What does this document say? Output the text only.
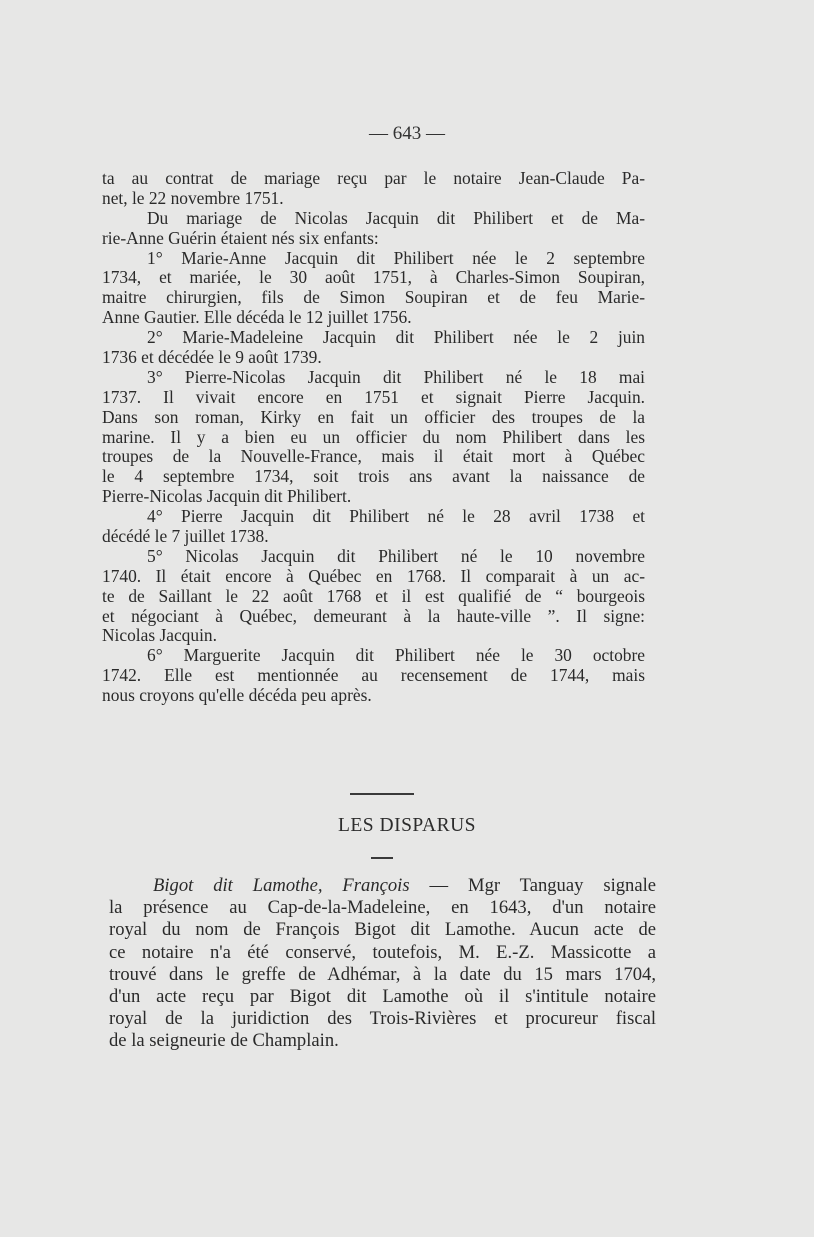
— 643 —
ta au contrat de mariage reçu par le notaire Jean-Claude Pa-
net, le 22 novembre 1751.
Du mariage de Nicolas Jacquin dit Philibert et de Ma-
rie-Anne Guérin étaient nés six enfants:
1° Marie-Anne Jacquin dit Philibert née le 2 septembre
1734, et mariée, le 30 août 1751, à Charles-Simon Soupiran,
maitre chirurgien, fils de Simon Soupiran et de feu Marie-
Anne Gautier. Elle décéda le 12 juillet 1756.
2° Marie-Madeleine Jacquin dit Philibert née le 2 juin
1736 et décédée le 9 août 1739.
3° Pierre-Nicolas Jacquin dit Philibert né le 18 mai
1737. Il vivait encore en 1751 et signait Pierre Jacquin.
Dans son roman, Kirky en fait un officier des troupes de la
marine. Il y a bien eu un officier du nom Philibert dans les
troupes de la Nouvelle-France, mais il était mort à Québec
le 4 septembre 1734, soit trois ans avant la naissance de
Pierre-Nicolas Jacquin dit Philibert.
4° Pierre Jacquin dit Philibert né le 28 avril 1738 et
décédé le 7 juillet 1738.
5° Nicolas Jacquin dit Philibert né le 10 novembre
1740. Il était encore à Québec en 1768. Il comparait à un ac-
te de Saillant le 22 août 1768 et il est qualifié de “ bourgeois
et négociant à Québec, demeurant à la haute-ville ”. Il signe:
Nicolas Jacquin.
6° Marguerite Jacquin dit Philibert née le 30 octobre
1742. Elle est mentionnée au recensement de 1744, mais
nous croyons qu'elle décéda peu après.
LES DISPARUS
Bigot dit Lamothe, François — Mgr Tanguay signale
la présence au Cap-de-la-Madeleine, en 1643, d'un notaire
royal du nom de François Bigot dit Lamothe. Aucun acte de
ce notaire n'a été conservé, toutefois, M. E.-Z. Massicotte a
trouvé dans le greffe de Adhémar, à la date du 15 mars 1704,
d'un acte reçu par Bigot dit Lamothe où il s'intitule notaire
royal de la juridiction des Trois-Rivières et procureur fiscal
de la seigneurie de Champlain.
